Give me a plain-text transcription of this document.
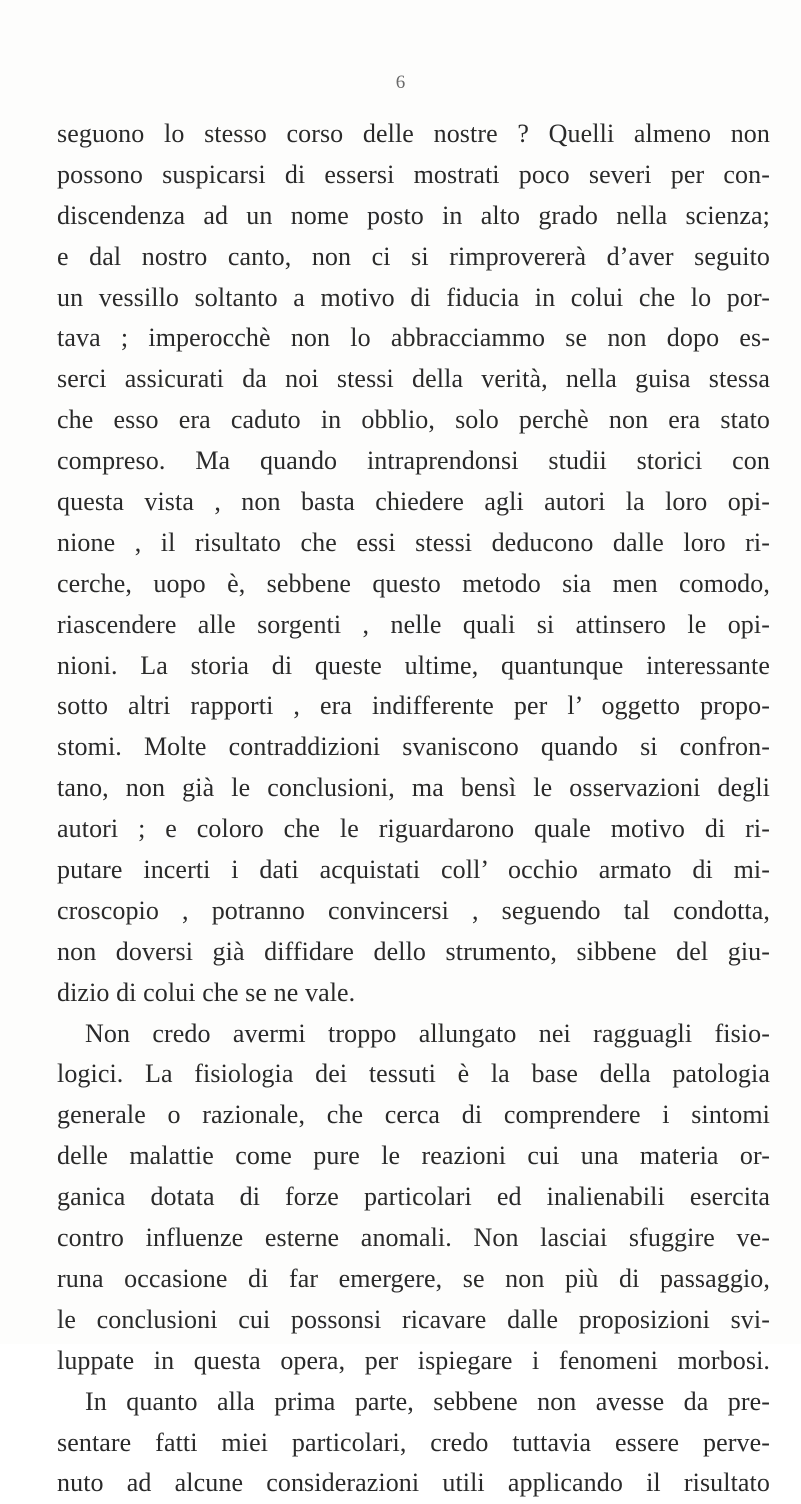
6
seguono lo stesso corso delle nostre ? Quelli almeno non
possono suspicarsi di essersi mostrati poco severi per con-
discendenza ad un nome posto in alto grado nella scienza;
e dal nostro canto, non ci si rimprovererà d’aver seguito
un vessillo soltanto a motivo di fiducia in colui che lo por-
tava ; imperocchè non lo abbracciammo se non dopo es-
serci assicurati da noi stessi della verità, nella guisa stessa
che esso era caduto in obblio, solo perchè non era stato
compreso. Ma quando intraprendonsi studii storici con
questa vista , non basta chiedere agli autori la loro opi-
nione , il risultato che essi stessi deducono dalle loro ri-
cerche, uopo è, sebbene questo metodo sia men comodo,
riascendere alle sorgenti , nelle quali si attinsero le opi-
nioni. La storia di queste ultime, quantunque interessante
sotto altri rapporti , era indifferente per l’ oggetto propo-
stomi. Molte contraddizioni svaniscono quando si confron-
tano, non già le conclusioni, ma bensì le osservazioni degli
autori ; e coloro che le riguardarono quale motivo di ri-
putare incerti i dati acquistati coll’ occhio armato di mi-
croscopio , potranno convincersi , seguendo tal condotta,
non doversi già diffidare dello strumento, sibbene del giu-
dizio di colui che se ne vale.
Non credo avermi troppo allungato nei ragguagli fisio-
logici. La fisiologia dei tessuti è la base della patologia
generale o razionale, che cerca di comprendere i sintomi
delle malattie come pure le reazioni cui una materia or-
ganica dotata di forze particolari ed inalienabili esercita
contro influenze esterne anomali. Non lasciai sfuggire ve-
runa occasione di far emergere, se non più di passaggio,
le conclusioni cui possonsi ricavare dalle proposizioni svi-
luppate in questa opera, per ispiegare i fenomeni morbosi.
In quanto alla prima parte, sebbene non avesse da pre-
sentare fatti miei particolari, credo tuttavia essere perve-
nuto ad alcune considerazioni utili applicando il risultato
